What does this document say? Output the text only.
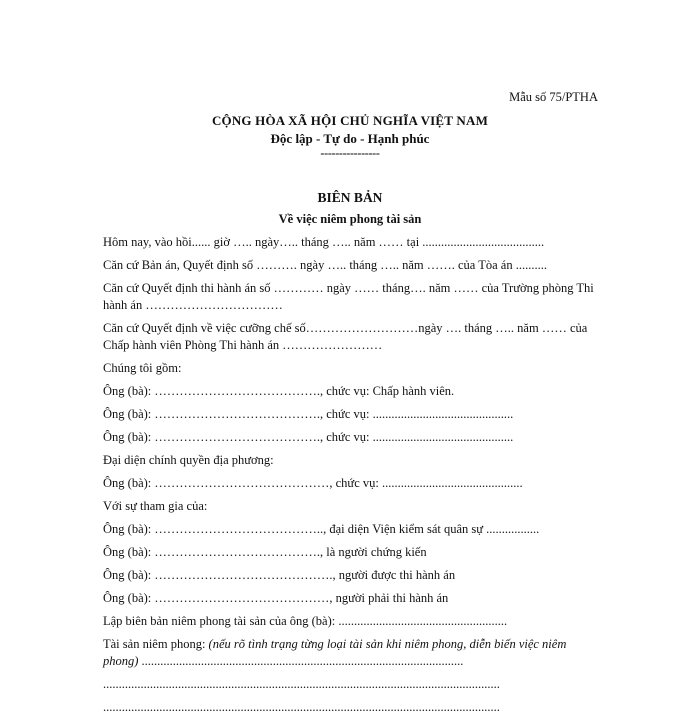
Mẫu số 75/PTHA
CỘNG HÒA XÃ HỘI CHỦ NGHĨA VIỆT NAM
Độc lập - Tự do - Hạnh phúc
----------------
BIÊN BẢN
Về việc niêm phong tài sản
Hôm nay, vào hồi...... giờ ….. ngày….. tháng ….. năm …… tại .......................................
Căn cứ Bản án, Quyết định số ………. ngày ….. tháng ….. năm ……. của Tòa án ..........
Căn cứ Quyết định thi hành án số ………… ngày …… tháng…. năm …… của Trường phòng Thi hành án ……………………………
Căn cứ Quyết định về việc cưỡng chế số………………………ngày …. tháng ….. năm …… của Chấp hành viên Phòng Thi hành án ……………………
Chúng tôi gồm:
Ông (bà): …………………………………., chức vụ: Chấp hành viên.
Ông (bà): …………………………………., chức vụ: .............................................
Ông (bà): …………………………………., chức vụ: .............................................
Đại diện chính quyền địa phương:
Ông (bà): ……………………………………, chức vụ: .............................................
Với sự tham gia của:
Ông (bà): ………………………………….., đại diện Viện kiểm sát quân sự .................
Ông (bà): …………………………………., là người chứng kiến
Ông (bà): ……………………………………., người được thi hành án
Ông (bà): ……………………………………, người phải thi hành án
Lập biên bản niêm phong tài sản của ông (bà): ......................................................
Tài sản niêm phong: (nếu rõ tình trạng từng loại tài sản khi niêm phong, diễn biến việc niêm phong) .......................................................................................................
...............................................................................................................................
...............................................................................................................................
